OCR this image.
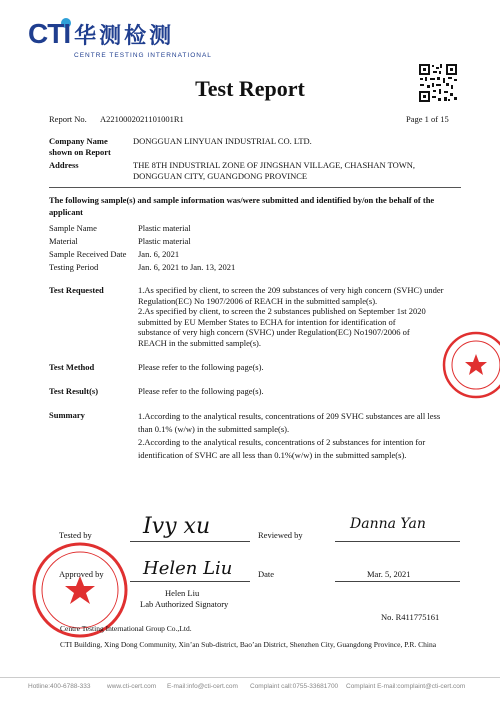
CTI 华测检测
CENTRE TESTING INTERNATIONAL
Test Report
Report No. A2210002021101001R1	Page 1 of 15
Company Name shown on Report
DONGGUAN LINYUAN INDUSTRIAL CO. LTD.
Address	THE 8TH INDUSTRIAL ZONE OF JINGSHAN VILLAGE, CHASHAN TOWN,
DONGGUAN CITY, GUANGDONG PROVINCE
The following sample(s) and sample information was/were submitted and identified by/on the behalf of the applicant
Sample Name	Plastic material
Material	Plastic material
Sample Received Date Jan. 6, 2021
Testing Period	Jan. 6, 2021 to Jan. 13, 2021
Test Requested	1.As specified by client, to screen the 209 substances of very high concern (SVHC) under
Regulation(EC) No 1907/2006 of REACH in the submitted sample(s).
2.As specified by client, to screen the 2 substances published on September 1st 2020
submitted by EU Member States to ECHA for intention for identification of
substance of very high concern (SVHC) under Regulation(EC) No1907/2006 of
REACH in the submitted sample(s).
Test Method	Please refer to the following page(s).
Test Result(s)	Please refer to the following page(s).
Summary	1.According to the analytical results, concentrations of 209 SVHC substances are all less
than 0.1% (w/w) in the submitted sample(s).
2.According to the analytical results, concentrations of 2 substances for intention for
identification of SVHC are all less than 0.1%(w/w) in the submitted sample(s).
Tested by Ivy xu	Reviewed by
Danna Yan
Approved by Helen Liu	Date	Mar. 5, 2021
Helen Liu
Lab Authorized Signatory
No. R411775161
Centre Testing International Group Co.,Ltd.
CTI Building, Xing Dong Community, Xin’an Sub-district, Bao’an District, Shenzhen City, Guangdong Province, P.R. China
Hotline:400-6788-333	www.cti-cert.com E-mail:info@cti-cert.com Complaint call:0755-33681700 Complaint E-mail:complaint@cti-cert.com
